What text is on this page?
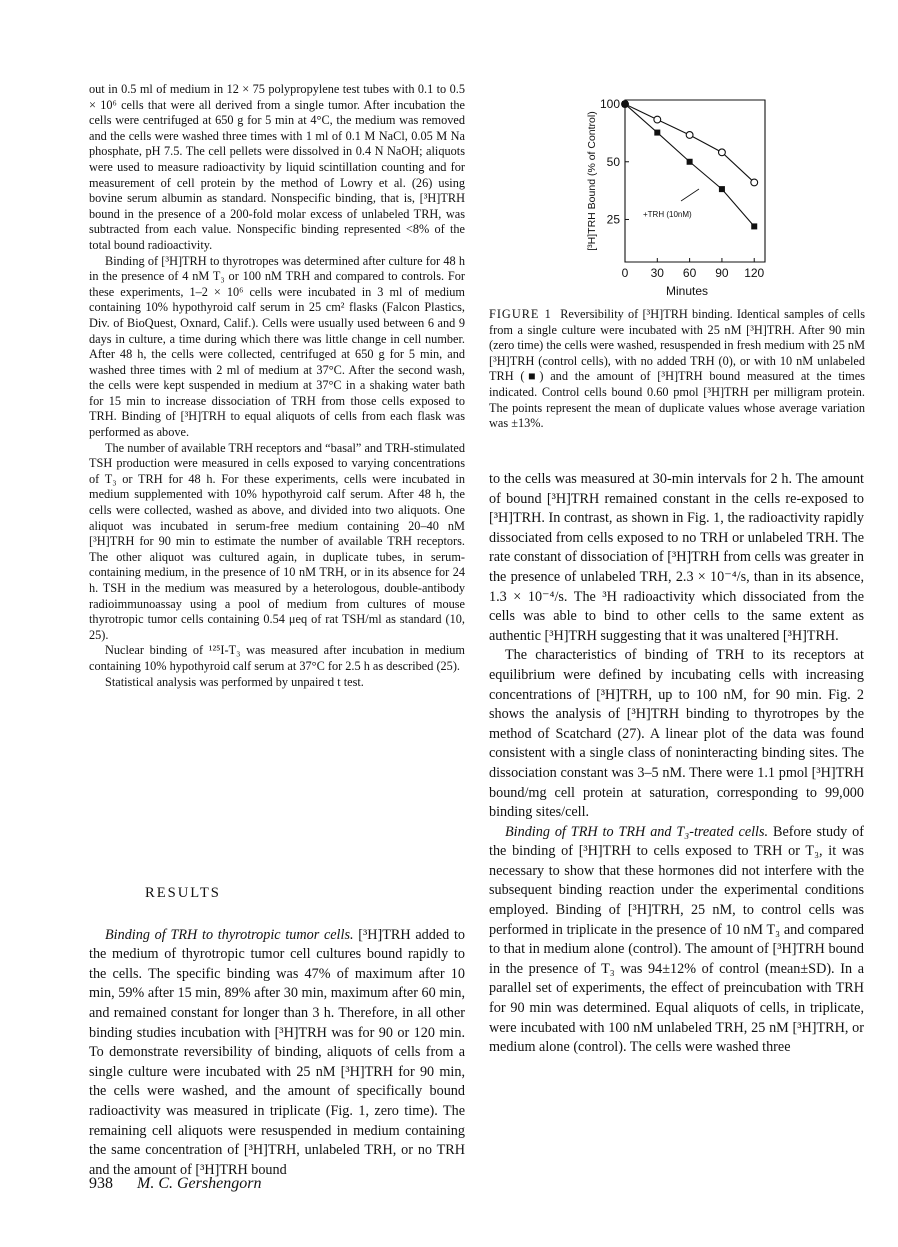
out in 0.5 ml of medium in 12 × 75 polypropylene test tubes with 0.1 to 0.5 × 10⁶ cells that were all derived from a single tumor. After incubation the cells were centrifuged at 650 g for 5 min at 4°C, the medium was removed and the cells were washed three times with 1 ml of 0.1 M NaCl, 0.05 M Na phosphate, pH 7.5. The cell pellets were dissolved in 0.4 N NaOH; aliquots were used to measure radioactivity by liquid scintillation counting and for measurement of cell protein by the method of Lowry et al. (26) using bovine serum albumin as standard. Nonspecific binding, that is, [³H]TRH bound in the presence of a 200-fold molar excess of unlabeled TRH, was subtracted from each value. Nonspecific binding represented <8% of the total bound radioactivity.

Binding of [³H]TRH to thyrotropes was determined after culture for 48 h in the presence of 4 nM T₃ or 100 nM TRH and compared to controls. For these experiments, 1–2 × 10⁶ cells were incubated in 3 ml of medium containing 10% hypothyroid calf serum in 25 cm² flasks (Falcon Plastics, Div. of BioQuest, Oxnard, Calif.). Cells were usually used between 6 and 9 days in culture, a time during which there was little change in cell number. After 48 h, the cells were collected, centrifuged at 650 g for 5 min, and washed three times with 2 ml of medium at 37°C. After the second wash, the cells were kept suspended in medium at 37°C in a shaking water bath for 15 min to increase dissociation of TRH from those cells exposed to TRH. Binding of [³H]TRH to equal aliquots of cells from each flask was performed as above.

The number of available TRH receptors and “basal” and TRH-stimulated TSH production were measured in cells exposed to varying concentrations of T₃ or TRH for 48 h. For these experiments, cells were incubated in medium supplemented with 10% hypothyroid calf serum. After 48 h, the cells were collected, washed as above, and divided into two aliquots. One aliquot was incubated in serum-free medium containing 20–40 nM [³H]TRH for 90 min to estimate the number of available TRH receptors. The other aliquot was cultured again, in duplicate tubes, in serum-containing medium, in the presence of 10 nM TRH, or in its absence for 24 h. TSH in the medium was measured by a heterologous, double-antibody radioimmunoassay using a pool of medium from cultures of mouse thyrotropic tumor cells containing 0.54 μeq of rat TSH/ml as standard (10, 25).

Nuclear binding of ¹²⁵I-T₃ was measured after incubation in medium containing 10% hypothyroid calf serum at 37°C for 2.5 h as described (25).

Statistical analysis was performed by unpaired t test.

RESULTS

Binding of TRH to thyrotropic tumor cells. [³H]TRH added to the medium of thyrotropic tumor cell cultures bound rapidly to the cells. The specific binding was 47% of maximum after 10 min, 59% after 15 min, 89% after 30 min, maximum after 60 min, and remained constant for longer than 3 h. Therefore, in all other binding studies incubation with [³H]TRH was for 90 or 120 min. To demonstrate reversibility of binding, aliquots of cells from a single culture were incubated with 25 nM [³H]TRH for 90 min, the cells were washed, and the amount of specifically bound radioactivity was measured in triplicate (Fig. 1, zero time). The remaining cell aliquots were resuspended in medium containing the same concentration of [³H]TRH, unlabeled TRH, or no TRH and the amount of [³H]TRH bound

0 30 60 90 120
25
50
100
Minutes
[³H]TRH Bound (% of Control)	+TRH (10nM)
FIGURE 1 Reversibility of [³H]TRH binding. Identical samples of cells from a single culture were incubated with 25 nM [³H]TRH. After 90 min (zero time) the cells were washed, resuspended in fresh medium with 25 nM [³H]TRH (control cells), with no added TRH (0), or with 10 nM unlabeled TRH (■) and the amount of [³H]TRH bound measured at the times indicated. Control cells bound 0.60 pmol [³H]TRH per milligram protein. The points represent the mean of duplicate values whose average variation was ±13%.

to the cells was measured at 30-min intervals for 2 h. The amount of bound [³H]TRH remained constant in the cells re-exposed to [³H]TRH. In contrast, as shown in Fig. 1, the radioactivity rapidly dissociated from cells exposed to no TRH or unlabeled TRH. The rate constant of dissociation of [³H]TRH from cells was greater in the presence of unlabeled TRH, 2.3 × 10⁻⁴/s, than in its absence, 1.3 × 10⁻⁴/s. The ³H radioactivity which dissociated from the cells was able to bind to other cells to the same extent as authentic [³H]TRH suggesting that it was unaltered [³H]TRH.

The characteristics of binding of TRH to its receptors at equilibrium were defined by incubating cells with increasing concentrations of [³H]TRH, up to 100 nM, for 90 min. Fig. 2 shows the analysis of [³H]TRH binding to thyrotropes by the method of Scatchard (27). A linear plot of the data was found consistent with a single class of noninteracting binding sites. The dissociation constant was 3–5 nM. There were 1.1 pmol [³H]TRH bound/mg cell protein at saturation, corresponding to 99,000 binding sites/cell.

Binding of TRH to TRH and T₃-treated cells. Before study of the binding of [³H]TRH to cells exposed to TRH or T₃, it was necessary to show that these hormones did not interfere with the subsequent binding reaction under the experimental conditions employed. Binding of [³H]TRH, 25 nM, to control cells was performed in triplicate in the presence of 10 nM T₃ and compared to that in medium alone (control). The amount of [³H]TRH bound in the presence of T₃ was 94±12% of control (mean±SD). In a parallel set of experiments, the effect of preincubation with TRH for 90 min was determined. Equal aliquots of cells, in triplicate, were incubated with 100 nM unlabeled TRH, 25 nM [³H]TRH, or medium alone (control). The cells were washed three

938 M. C. Gershengorn
